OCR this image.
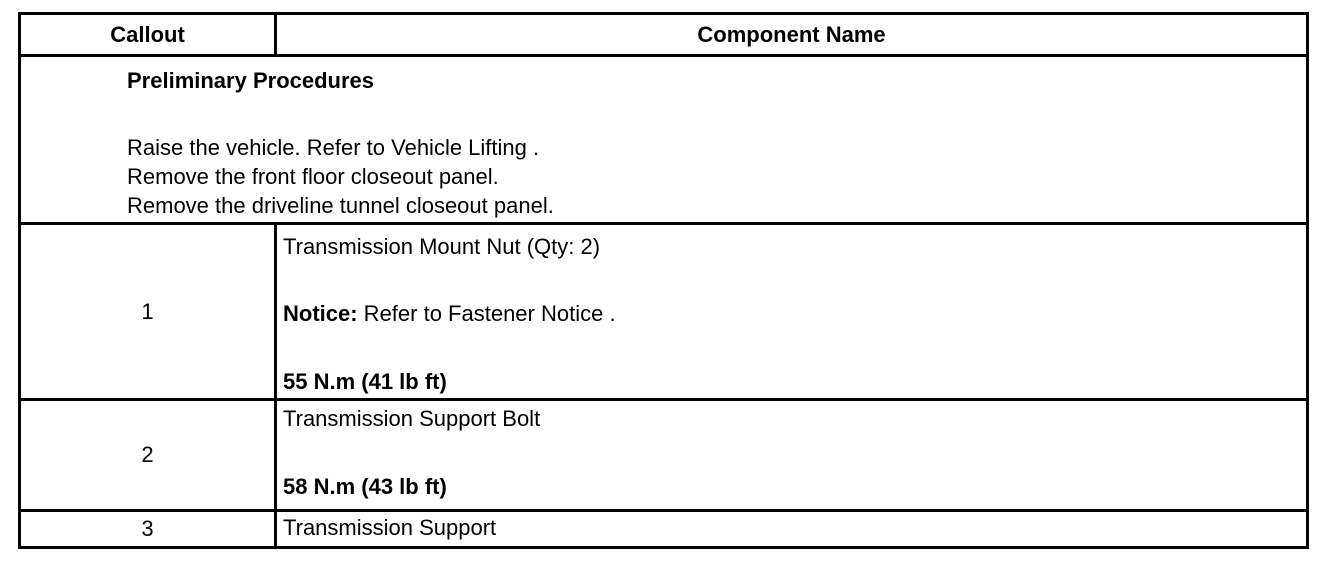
Callout	Component Name

Preliminary Procedures
Raise the vehicle. Refer to Vehicle Lifting .
Remove the front floor closeout panel.
Remove the driveline tunnel closeout panel.	

1	Transmission Mount Nut (Qty: 2)
Notice: Refer to Fastener Notice .
55 N.m (41 lb ft)

2	Transmission Support Bolt
58 N.m (43 lb ft)

3	Transmission Support
